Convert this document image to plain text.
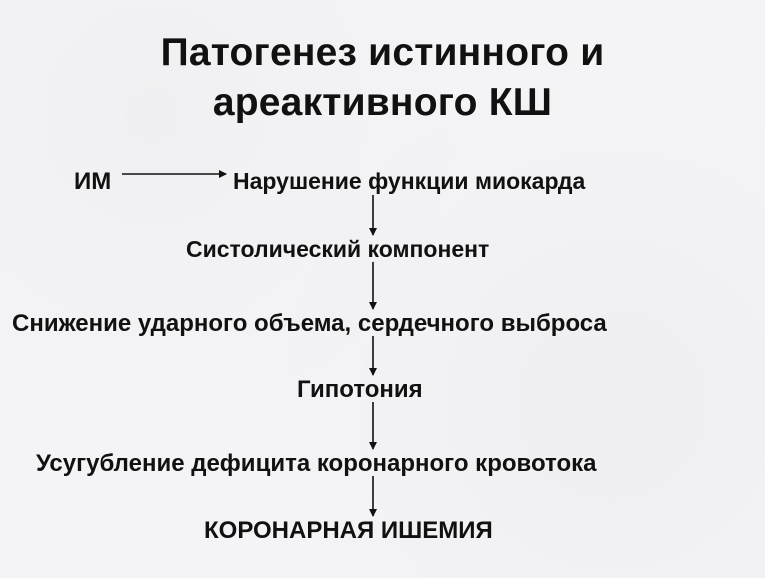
Патогенез истинного и
ареактивного КШ
ИМ	Нарушение функции миокарда
Систолический компонент
Снижение ударного объема, сердечного выброса
Гипотония
Усугубление дефицита коронарного кровотока
КОРОНАРНАЯ ИШЕМИЯ
